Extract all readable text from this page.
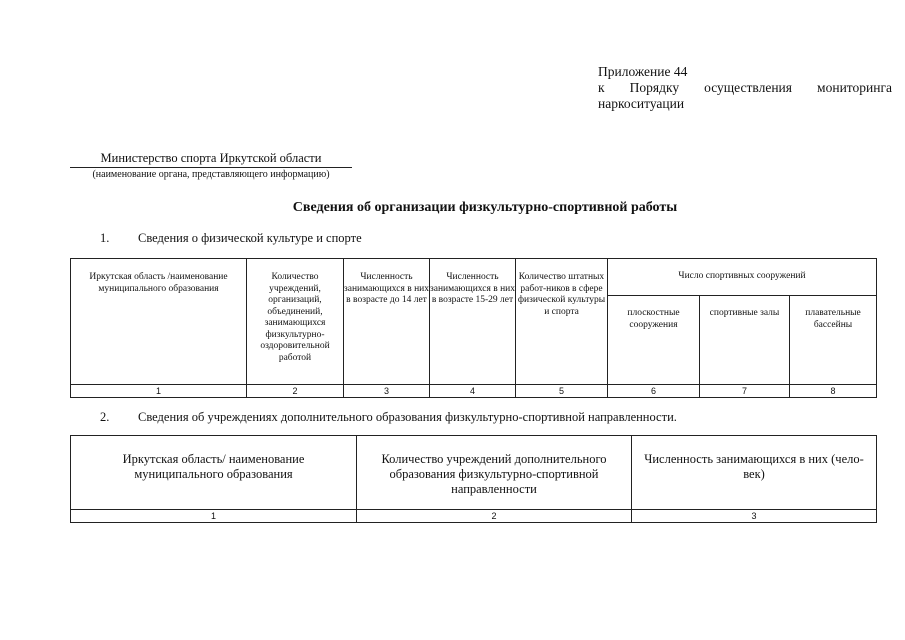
Приложение 44
к Порядку осуществления мониторинга
наркоситуации
Министерство спорта Иркутской области
(наименование органа, представляющего информацию)
Сведения об организации физкультурно-спортивной работы
1. Сведения о физической культуре и спорте
Иркутская область /наименование муниципального образования	Количество учреждений, организаций, объединений, занимающихся физкультурно-оздоровительной работой	Численность занимающихся в них в возрасте до 14 лет	Численность занимающихся в них в возрасте 15-29 лет	Количество штатных работ-ников в сфере физической культуры и спорта	Число спортивных сооружений		
					плоскостные сооружения	спортивные залы	плавательные бассейны
1	2	3	4	5	6	7	8
2. Сведения об учреждениях дополнительного образования физкультурно-спортивной направленности.
Иркутская область/ наименование муниципального образования	Количество учреждений дополнительного образования физкультурно-спортивной направленности	Численность занимающихся в них (чело-век)
1	2	3
